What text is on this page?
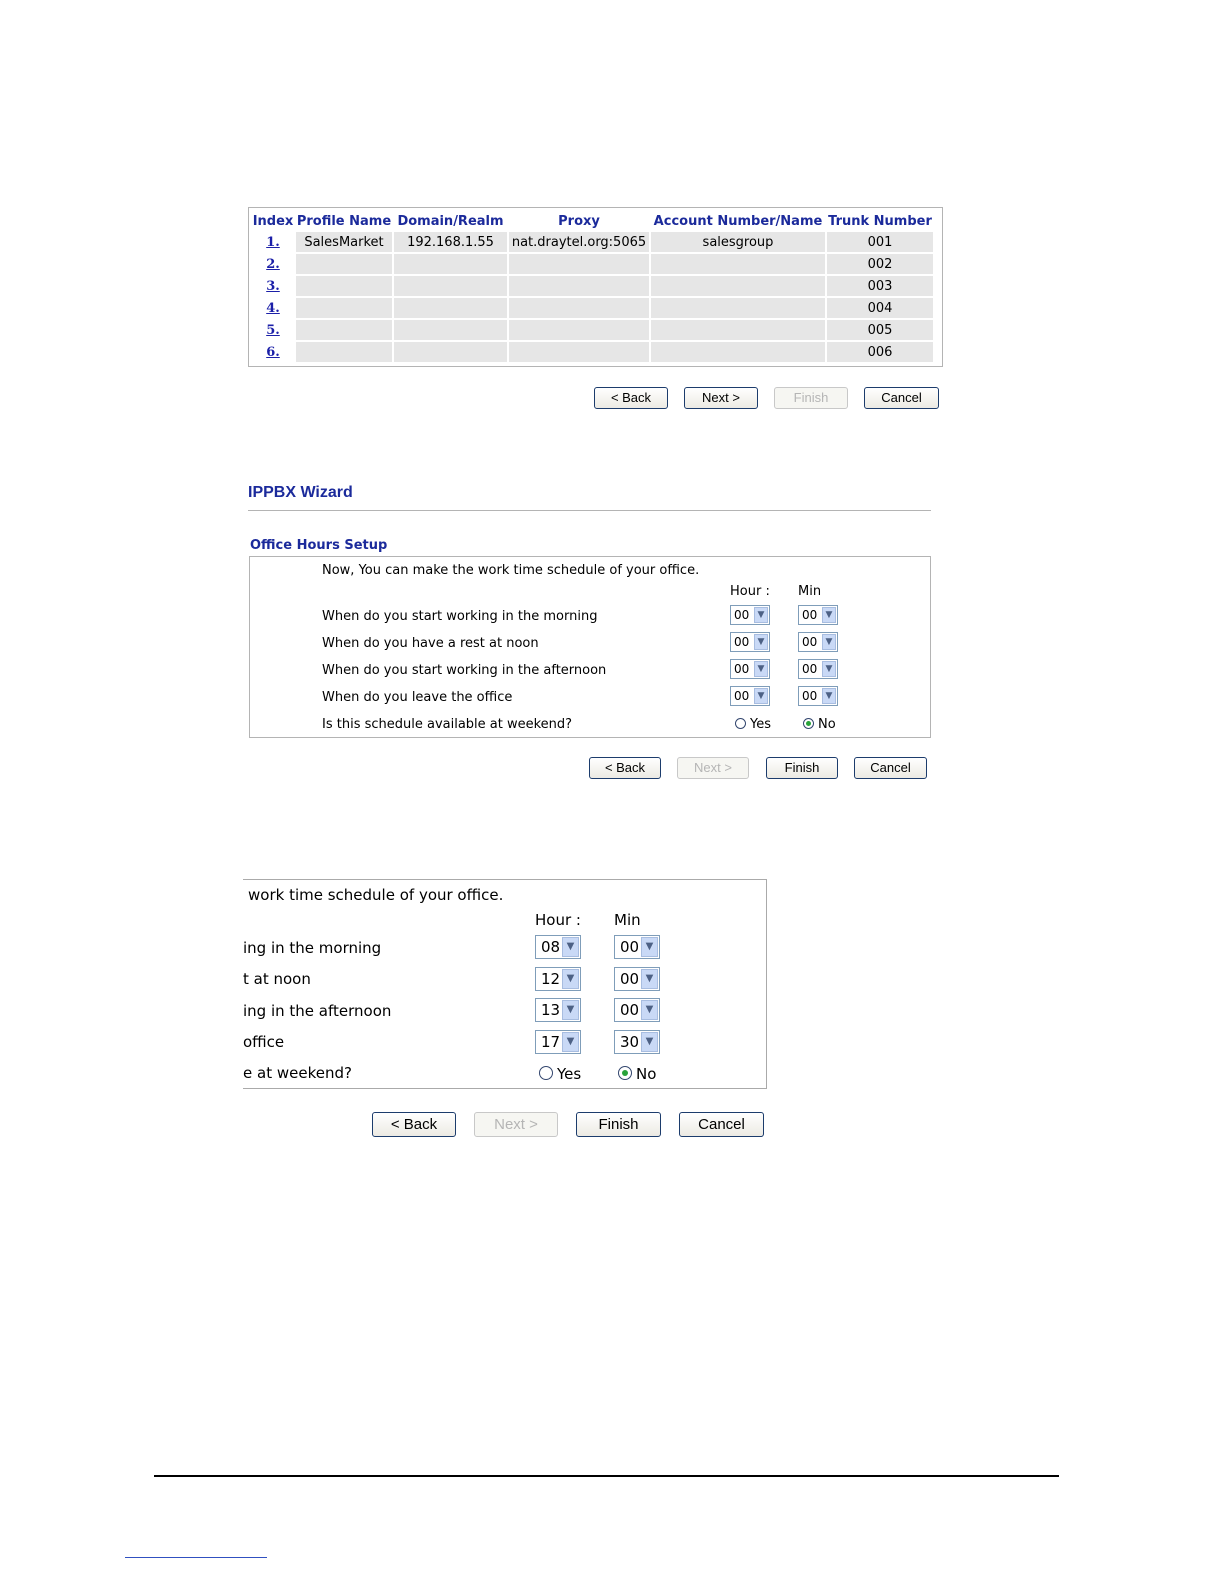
Index	Profile Name	Domain/Realm	Proxy	Account Number/Name	Trunk Number
1.	SalesMarket	192.168.1.55	nat.draytel.org:5065	salesgroup	001
2.					002
3.					003
4.					004
5.					005
6.					006
< Back	Next >	Finish	Cancel
IPPBX Wizard
Office Hours Setup
Now, You can make the work time schedule of your office.
Hour : Min
When do you start working in the morning	00 ▼	00 ▼
When do you have a rest at noon	00 ▼	00 ▼
When do you start working in the afternoon	00 ▼	00 ▼
When do you leave the office	00 ▼	00 ▼
Is this schedule available at weekend?	Yes	No
< Back	Next >	Finish	Cancel
work time schedule of your office.
Hour : Min
ing in the morning	08 ▼	00 ▼
t at noon	12 ▼	00 ▼
ing in the afternoon	13 ▼	00 ▼
office	17 ▼	30 ▼
e at weekend?	Yes	No
< Back	Next >	Finish	Cancel
